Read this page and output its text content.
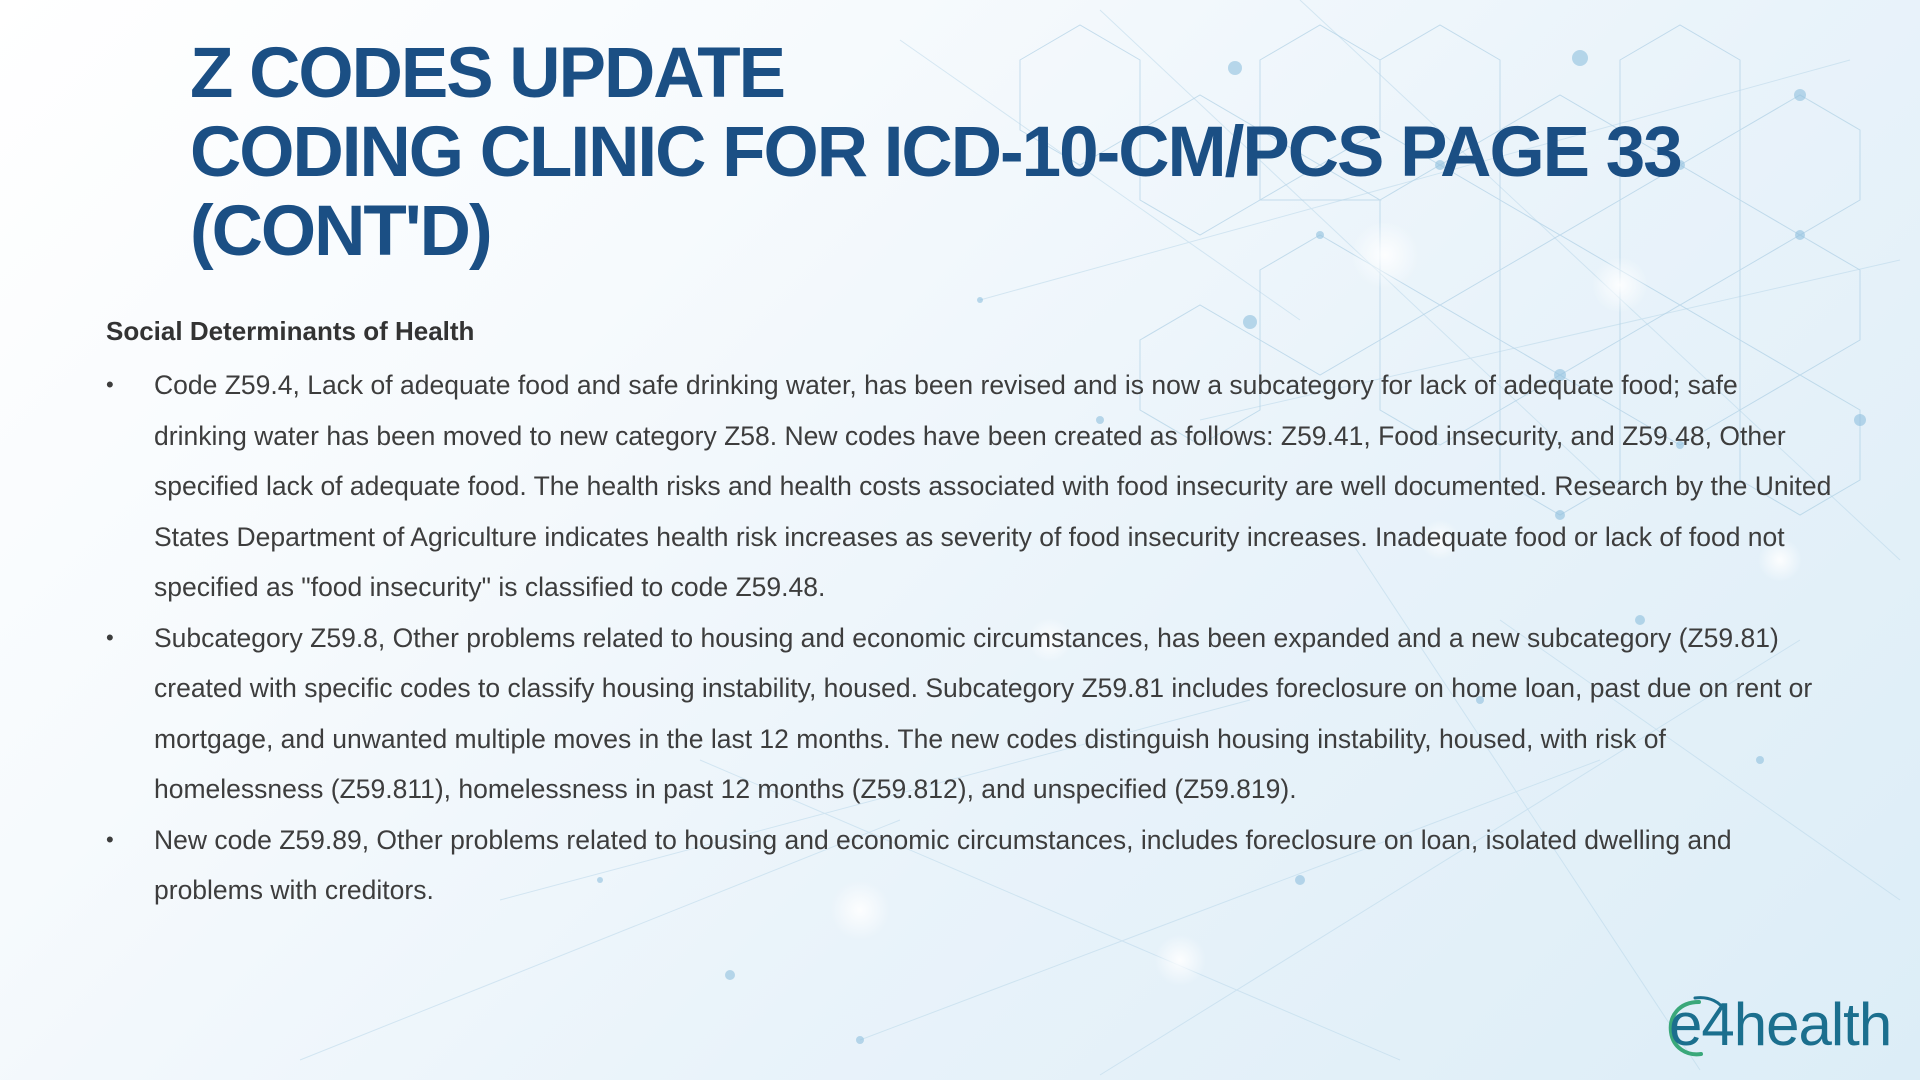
Z CODES UPDATE
CODING CLINIC FOR ICD-10-CM/PCS PAGE 33
(CONT'D)
Social Determinants of Health
•	Code Z59.4, Lack of adequate food and safe drinking water, has been revised and is now a subcategory for lack of adequate food; safe drinking water has been moved to new category Z58. New codes have been created as follows: Z59.41, Food insecurity, and Z59.48, Other specified lack of adequate food. The health risks and health costs associated with food insecurity are well documented. Research by the United States Department of Agriculture indicates health risk increases as severity of food insecurity increases. Inadequate food or lack of food not specified as "food insecurity" is classified to code Z59.48.
•	Subcategory Z59.8, Other problems related to housing and economic circumstances, has been expanded and a new subcategory (Z59.81) created with specific codes to classify housing instability, housed. Subcategory Z59.81 includes foreclosure on home loan, past due on rent or mortgage, and unwanted multiple moves in the last 12 months. The new codes distinguish housing instability, housed, with risk of homelessness (Z59.811), homelessness in past 12 months (Z59.812), and unspecified (Z59.819).
•	New code Z59.89, Other problems related to housing and economic circumstances, includes foreclosure on loan, isolated dwelling and problems with creditors.
e4health
